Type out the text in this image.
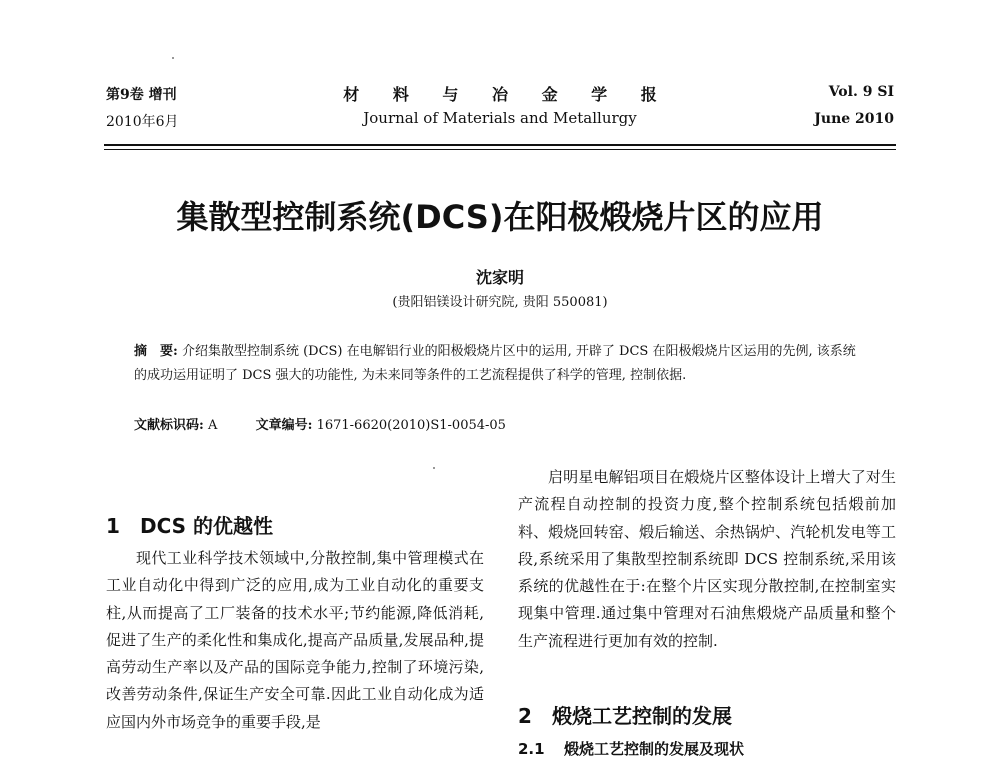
第9卷 增刊
2010年6月
材 料 与 冶 金 学 报
Journal of Materials and Metallurgy
Vol. 9 SI
June 2010
集散型控制系统(DCS)在阳极煅烧片区的应用
沈家明
(贵阳铝镁设计研究院, 贵阳 550081)
摘　要: 介绍集散型控制系统 (DCS) 在电解铝行业的阳极煅烧片区中的运用, 开辟了 DCS 在阳极煅烧片区运用的先例, 该系统的成功运用证明了 DCS 强大的功能性, 为未来同等条件的工艺流程提供了科学的管理, 控制依据.
文献标识码: A	文章编号: 1671-6620(2010)S1-0054-05
1 DCS 的优越性

现代工业科学技术领域中,分散控制,集中管理模式在工业自动化中得到广泛的应用,成为工业自动化的重要支柱,从而提高了工厂装备的技术水平;节约能源,降低消耗,促进了生产的柔化性和集成化,提高产品质量,发展品种,提高劳动生产率以及产品的国际竞争能力,控制了环境污染,改善劳动条件,保证生产安全可靠.因此工业自动化成为适应国内外市场竞争的重要手段,是

启明星电解铝项目在煅烧片区整体设计上增大了对生产流程自动控制的投资力度,整个控制系统包括煅前加料、煅烧回转窑、煅后输送、余热锅炉、汽轮机发电等工段,系统采用了集散型控制系统即 DCS 控制系统,采用该系统的优越性在于:在整个片区实现分散控制,在控制室实现集中管理.通过集中管理对石油焦煅烧产品质量和整个生产流程进行更加有效的控制.

2 煅烧工艺控制的发展
2.1 煅烧工艺控制的发展及现状
